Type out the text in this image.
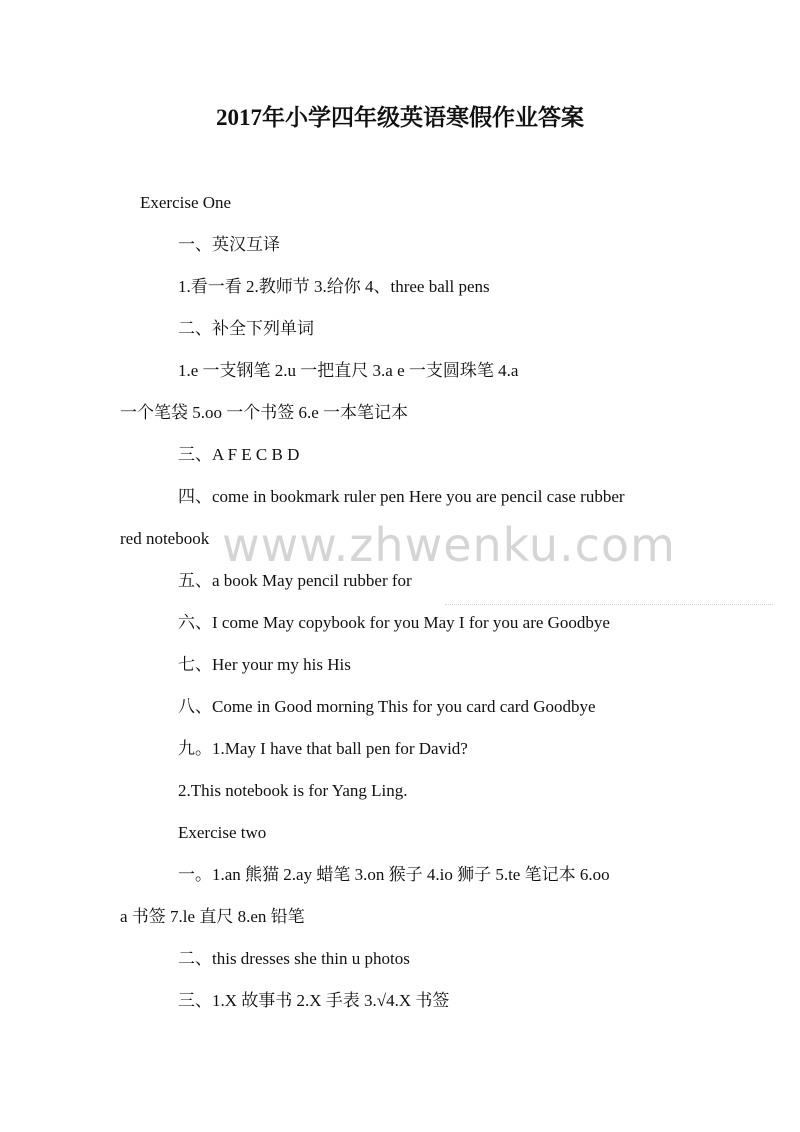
2017年小学四年级英语寒假作业答案
Exercise One
一、英汉互译
1.看一看 2.教师节 3.给你 4、three ball pens
二、补全下列单词
1.e 一支钢笔 2.u 一把直尺 3.a e 一支圆珠笔 4.a
一个笔袋 5.oo 一个书签 6.e 一本笔记本
三、A F E C B D
四、come in bookmark ruler pen Here you are pencil case rubber
red notebook
五、a book May pencil rubber for
六、I come May copybook for you May I for you are Goodbye
七、Her your my his His
八、Come in Good morning This for you card card Goodbye
九。1.May I have that ball pen for David?
2.This notebook is for Yang Ling.
Exercise two
一。1.an 熊猫 2.ay 蜡笔 3.on 猴子 4.io 狮子 5.te 笔记本 6.oo
a 书签 7.le 直尺 8.en 铅笔
二、this dresses she thin u photos
三、1.X 故事书 2.X 手表 3.√4.X 书签
www.zhwenku.com
